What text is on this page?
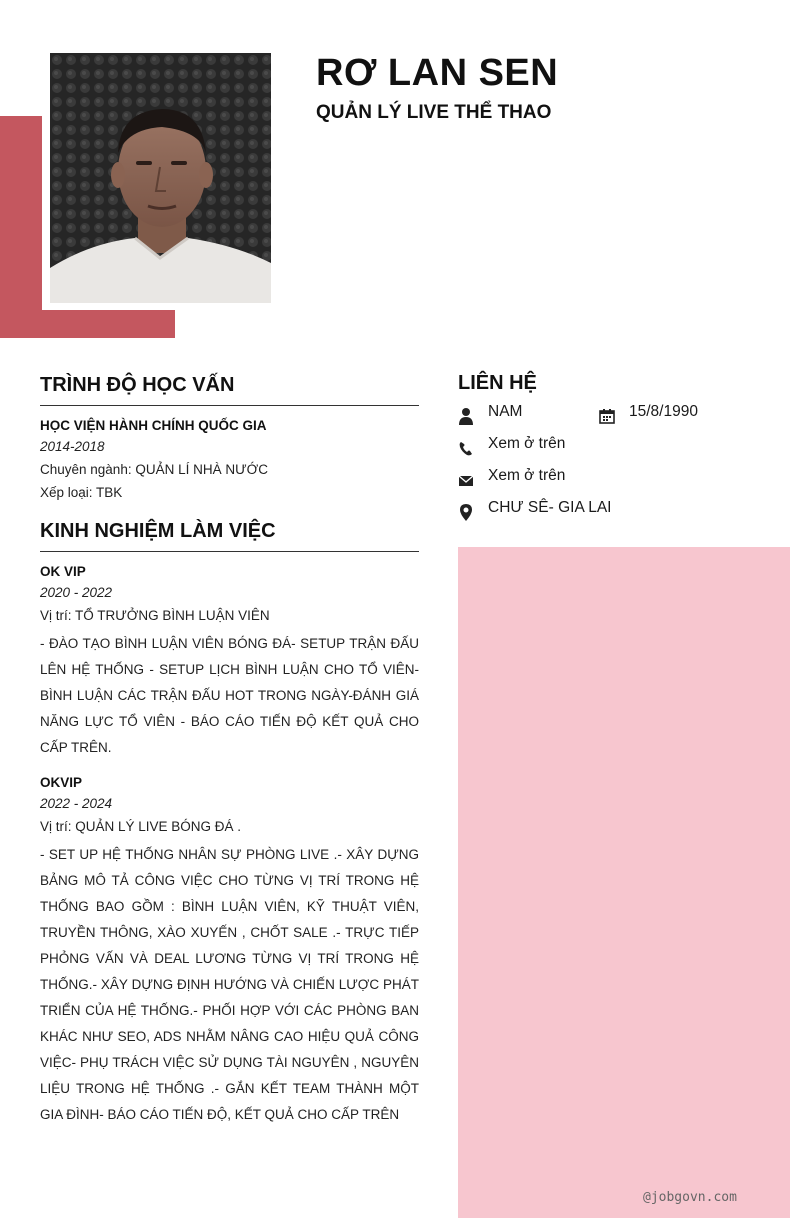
RƠ LAN SEN
QUẢN LÝ LIVE THỂ THAO
TRÌNH ĐỘ HỌC VẤN
HỌC VIỆN HÀNH CHÍNH QUỐC GIA
2014-2018
Chuyên ngành: QUẢN LÍ NHÀ NƯỚC
Xếp loại: TBK
KINH NGHIỆM LÀM VIỆC
OK VIP
2020 - 2022
Vị trí: TỔ TRƯỞNG BÌNH LUẬN VIÊN
- ĐÀO TẠO BÌNH LUẬN VIÊN BÓNG ĐÁ- SETUP TRẬN ĐẤU LÊN HỆ THỐNG - SETUP LỊCH BÌNH LUẬN CHO TỔ VIÊN- BÌNH LUẬN CÁC TRẬN ĐẤU HOT TRONG NGÀY-ĐÁNH GIÁ NĂNG LỰC TỔ VIÊN - BÁO CÁO TIẾN ĐỘ KẾT QUẢ CHO CẤP TRÊN.
OKVIP
2022 - 2024
Vị trí: QUẢN LÝ LIVE BÓNG ĐÁ .
- SET UP HỆ THỐNG NHÂN SỰ PHÒNG LIVE .- XÂY DỰNG BẢNG MÔ TẢ CÔNG VIỆC CHO TỪNG VỊ TRÍ TRONG HỆ THỐNG BAO GỒM : BÌNH LUẬN VIÊN, KỸ THUẬT VIÊN, TRUYỀN THÔNG, XÀO XUYẾN , CHỐT SALE .- TRỰC TIẾP PHỎNG VẤN VÀ DEAL LƯƠNG TỪNG VỊ TRÍ TRONG HỆ THỐNG.- XÂY DỰNG ĐỊNH HƯỚNG VÀ CHIẾN LƯỢC PHÁT TRIỂN CỦA HỆ THỐNG.- PHỐI HỢP VỚI CÁC PHÒNG BAN KHÁC NHƯ SEO, ADS NHẰM NÂNG CAO HIỆU QUẢ CÔNG VIỆC- PHỤ TRÁCH VIỆC SỬ DỤNG TÀI NGUYÊN , NGUYÊN LIỆU TRONG HỆ THỐNG .- GẮN KẾT TEAM THÀNH MỘT GIA ĐÌNH- BÁO CÁO TIẾN ĐỘ, KẾT QUẢ CHO CẤP TRÊN
LIÊN HỆ
NAM	15/8/1990
Xem ở trên
Xem ở trên
CHƯ SÊ- GIA LAI
@jobgovn.com
